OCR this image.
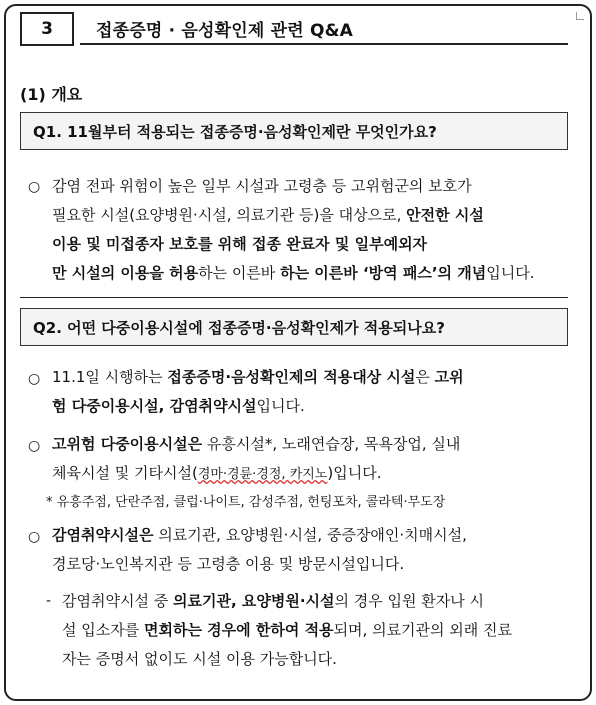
3	접종증명 · 음성확인제 관련 Q&A
(1) 개요
Q1. 11월부터 적용되는 접종증명·음성확인제란 무엇인가요?
○ 감염 전파 위험이 높은 일부 시설과 고령층 등 고위험군의 보호가
필요한 시설(요양병원·시설, 의료기관 등)을 대상으로, 안전한 시설
이용 및 미접종자 보호를 위해 접종 완료자 및 일부예외자
만 시설의 이용을 허용하는 이른바 하는 이른바 ‘방역 패스’의 개념입니다.
Q2. 어떤 다중이용시설에 접종증명·음성확인제가 적용되나요?
○ 11.1일 시행하는 접종증명·음성확인제의 적용대상 시설은 고위
험 다중이용시설, 감염취약시설입니다.
○ 고위험 다중이용시설은 유흥시설*, 노래연습장, 목욕장업, 실내
체육시설 및 기타시설(경마·경륜·경정, 카지노)입니다.
* 유흥주점, 단란주점, 클럽·나이트, 감성주점, 헌팅포차, 콜라텍·무도장
○ 감염취약시설은 의료기관, 요양병원·시설, 중증장애인·치매시설,
경로당·노인복지관 등 고령층 이용 및 방문시설입니다.
- 감염취약시설 중 의료기관, 요양병원·시설의 경우 입원 환자나 시
설 입소자를 면회하는 경우에 한하여 적용되며, 의료기관의 외래 진료
자는 증명서 없이도 시설 이용 가능합니다.
